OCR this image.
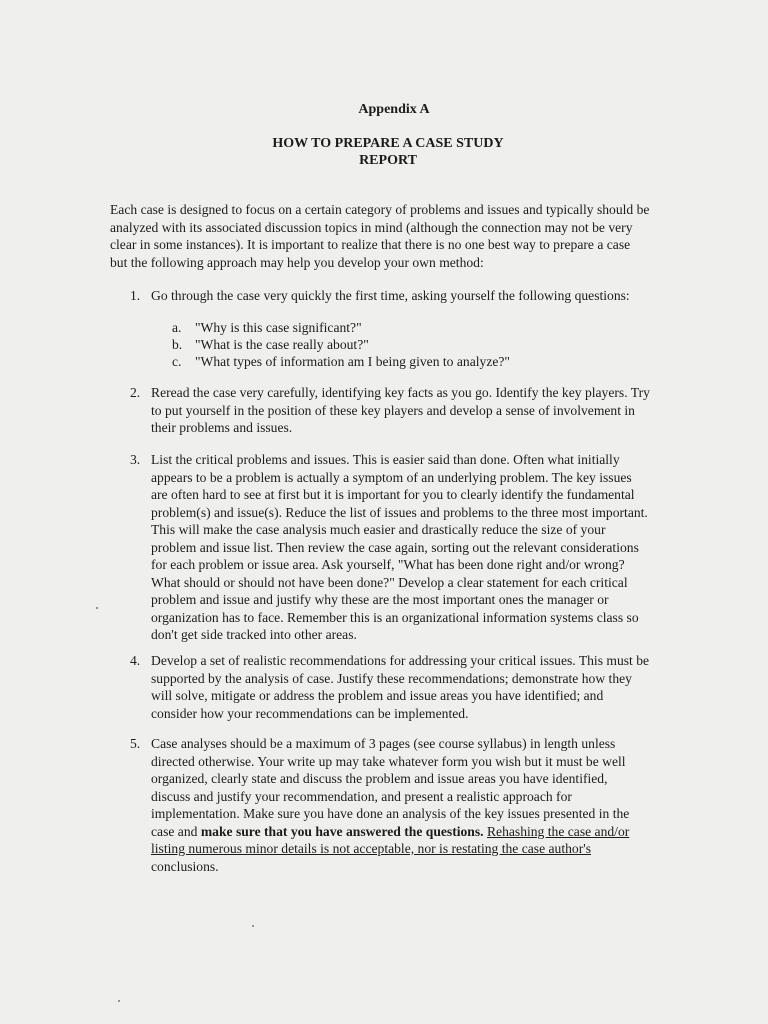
Appendix A
HOW TO PREPARE A CASE STUDY
REPORT
Each case is designed to focus on a certain category of problems and issues and typically should be analyzed with its associated discussion topics in mind (although the connection may not be very clear in some instances). It is important to realize that there is no one best way to prepare a case but the following approach may help you develop your own method:
1. Go through the case very quickly the first time, asking yourself the following questions:
a. "Why is this case significant?"
b. "What is the case really about?"
c. "What types of information am I being given to analyze?"
2. Reread the case very carefully, identifying key facts as you go. Identify the key players. Try to put yourself in the position of these key players and develop a sense of involvement in their problems and issues.
3. List the critical problems and issues. This is easier said than done. Often what initially appears to be a problem is actually a symptom of an underlying problem. The key issues are often hard to see at first but it is important for you to clearly identify the fundamental problem(s) and issue(s). Reduce the list of issues and problems to the three most important. This will make the case analysis much easier and drastically reduce the size of your problem and issue list. Then review the case again, sorting out the relevant considerations for each problem or issue area. Ask yourself, "What has been done right and/or wrong? What should or should not have been done?" Develop a clear statement for each critical problem and issue and justify why these are the most important ones the manager or organization has to face. Remember this is an organizational information systems class so don't get side tracked into other areas.
4. Develop a set of realistic recommendations for addressing your critical issues. This must be supported by the analysis of case. Justify these recommendations; demonstrate how they will solve, mitigate or address the problem and issue areas you have identified; and consider how your recommendations can be implemented.
5. Case analyses should be a maximum of 3 pages (see course syllabus) in length unless directed otherwise. Your write up may take whatever form you wish but it must be well organized, clearly state and discuss the problem and issue areas you have identified, discuss and justify your recommendation, and present a realistic approach for implementation. Make sure you have done an analysis of the key issues presented in the case and make sure that you have answered the questions. Rehashing the case and/or listing numerous minor details is not acceptable, nor is restating the case author's conclusions.
